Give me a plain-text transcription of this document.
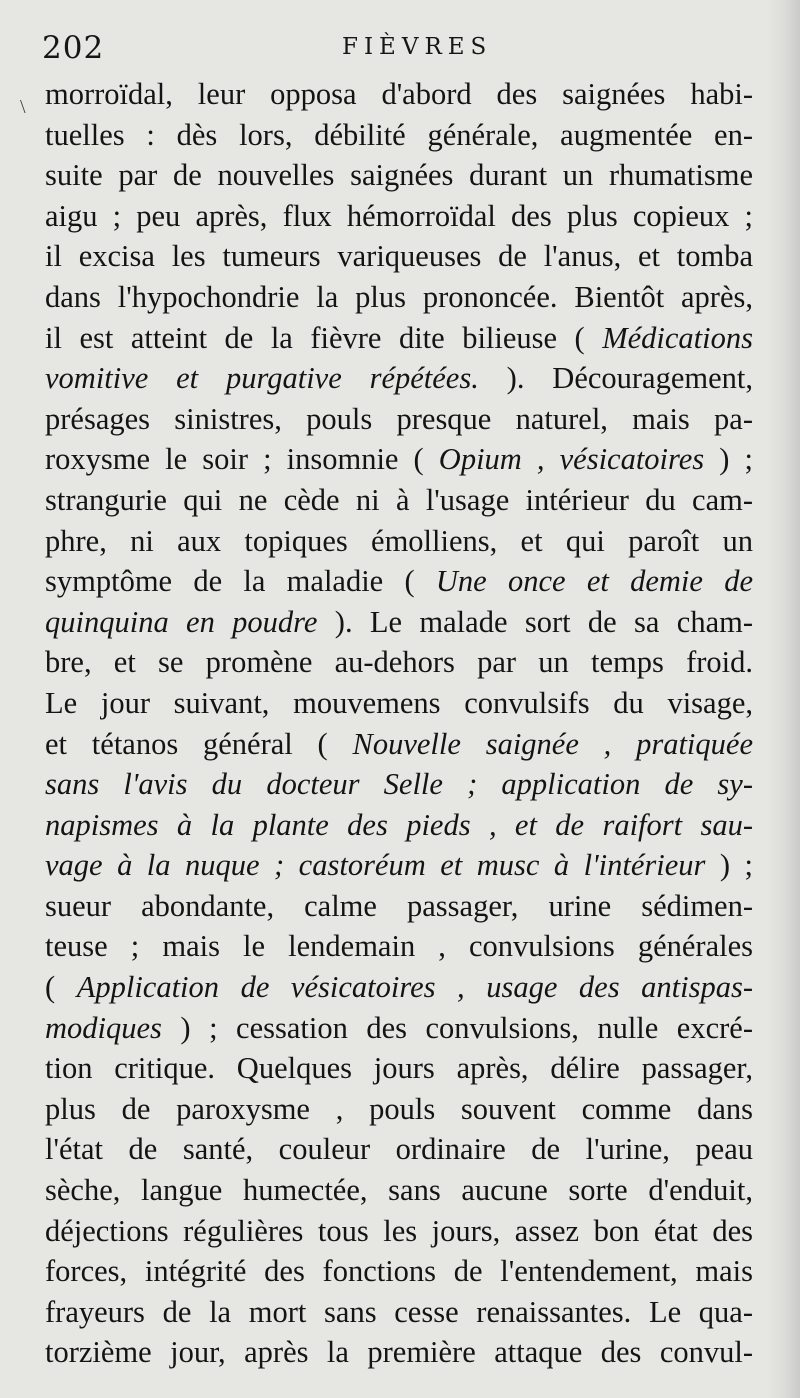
202	FIÈVRES
\ morroïdal, leur opposa d'abord des saignées habi-
tuelles : dès lors, débilité générale, augmentée en-
suite par de nouvelles saignées durant un rhumatisme
aigu ; peu après, flux hémorroïdal des plus copieux ;
il excisa les tumeurs variqueuses de l'anus, et tomba
dans l'hypochondrie la plus prononcée. Bientôt après,
il est atteint de la fièvre dite bilieuse ( Médications
vomitive et purgative répétées. ). Découragement,
présages sinistres, pouls presque naturel, mais pa-
roxysme le soir ; insomnie ( Opium , vésicatoires ) ;
strangurie qui ne cède ni à l'usage intérieur du cam-
phre, ni aux topiques émolliens, et qui paroît un
symptôme de la maladie ( Une once et demie de
quinquina en poudre ). Le malade sort de sa cham-
bre, et se promène au-dehors par un temps froid.
Le jour suivant, mouvemens convulsifs du visage,
et tétanos général ( Nouvelle saignée , pratiquée
sans l'avis du docteur Selle ; application de sy-
napismes à la plante des pieds , et de raifort sau-
vage à la nuque ; castoréum et musc à l'intérieur ) ;
sueur abondante, calme passager, urine sédimen-
teuse ; mais le lendemain , convulsions générales
( Application de vésicatoires , usage des antispas-
modiques ) ; cessation des convulsions, nulle excré-
tion critique. Quelques jours après, délire passager,
plus de paroxysme , pouls souvent comme dans
l'état de santé, couleur ordinaire de l'urine, peau
sèche, langue humectée, sans aucune sorte d'enduit,
déjections régulières tous les jours, assez bon état des
forces, intégrité des fonctions de l'entendement, mais
frayeurs de la mort sans cesse renaissantes. Le qua-
torzième jour, après la première attaque des convul-
